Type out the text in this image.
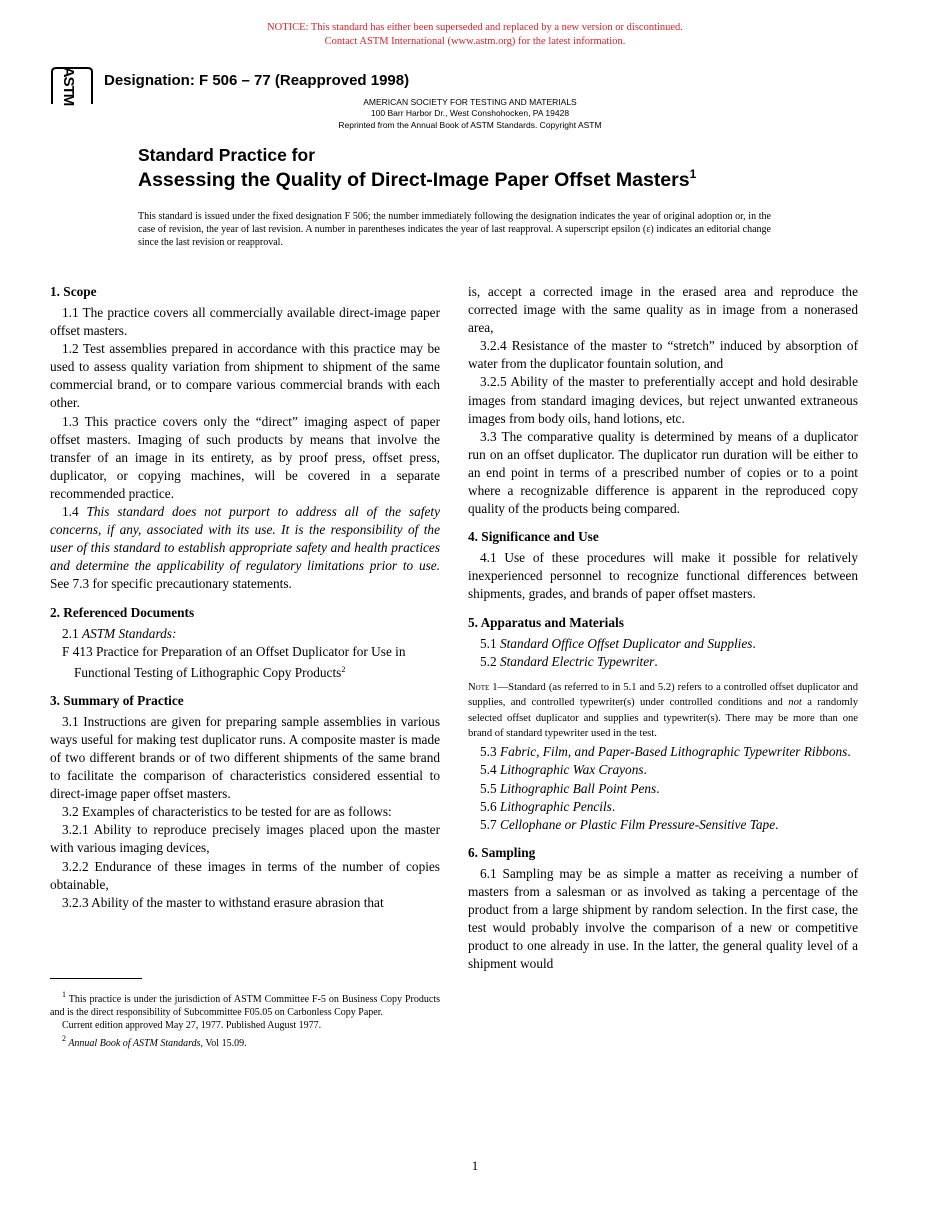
NOTICE: This standard has either been superseded and replaced by a new version or discontinued.
Contact ASTM International (www.astm.org) for the latest information.
ASTM Designation: F 506 – 77 (Reapproved 1998)
AMERICAN SOCIETY FOR TESTING AND MATERIALS
100 Barr Harbor Dr., West Conshohocken, PA 19428
Reprinted from the Annual Book of ASTM Standards. Copyright ASTM
Standard Practice for
Assessing the Quality of Direct-Image Paper Offset Masters$^1$
This standard is issued under the fixed designation F 506; the number immediately following the designation indicates the year of original adoption or, in the case of revision, the year of last revision. A number in parentheses indicates the year of last reapproval. A superscript epsilon (ε) indicates an editorial change since the last revision or reapproval.
1. Scope

1.1 The practice covers all commercially available direct-image paper offset masters.

1.2 Test assemblies prepared in accordance with this practice may be used to assess quality variation from shipment to shipment of the same commercial brand, or to compare various commercial brands with each other.

1.3 This practice covers only the “direct” imaging aspect of paper offset masters. Imaging of such products by means that involve the transfer of an image in its entirety, as by proof press, offset press, duplicator, or copying machines, will be covered in a separate recommended practice.

1.4 This standard does not purport to address all of the safety concerns, if any, associated with its use. It is the responsibility of the user of this standard to establish appropriate safety and health practices and determine the applicability of regulatory limitations prior to use. See 7.3 for specific precautionary statements.

2. Referenced Documents

2.1 ASTM Standards:

F 413 Practice for Preparation of an Offset Duplicator for Use in Functional Testing of Lithographic Copy Products$^2$

3. Summary of Practice

3.1 Instructions are given for preparing sample assemblies in various ways useful for making test duplicator runs. A composite master is made of two different brands or of two different shipments of the same brand to facilitate the comparison of characteristics considered essential to direct-image paper offset masters.

3.2 Examples of characteristics to be tested for are as follows:

3.2.1 Ability to reproduce precisely images placed upon the master with various imaging devices,

3.2.2 Endurance of these images in terms of the number of copies obtainable,

3.2.3 Ability of the master to withstand erasure abrasion that

is, accept a corrected image in the erased area and reproduce the corrected image with the same quality as in image from a nonerased area,

3.2.4 Resistance of the master to “stretch” induced by absorption of water from the duplicator fountain solution, and

3.2.5 Ability of the master to preferentially accept and hold desirable images from standard imaging devices, but reject unwanted extraneous images from body oils, hand lotions, etc.

3.3 The comparative quality is determined by means of a duplicator run on an offset duplicator. The duplicator run duration will be either to an end point in terms of a prescribed number of copies or to a point where a recognizable difference is apparent in the reproduced copy quality of the products being compared.

4. Significance and Use

4.1 Use of these procedures will make it possible for relatively inexperienced personnel to recognize functional differences between shipments, grades, and brands of paper offset masters.

5. Apparatus and Materials

5.1 Standard Office Offset Duplicator and Supplies.

5.2 Standard Electric Typewriter.

Note 1—Standard (as referred to in 5.1 and 5.2) refers to a controlled offset duplicator and supplies, and controlled typewriter(s) under controlled conditions and not a randomly selected offset duplicator and supplies and typewriter(s). There may be more than one brand of standard typewriter used in the test.

5.3 Fabric, Film, and Paper-Based Lithographic Typewriter Ribbons.

5.4 Lithographic Wax Crayons.

5.5 Lithographic Ball Point Pens.

5.6 Lithographic Pencils.

5.7 Cellophane or Plastic Film Pressure-Sensitive Tape.

6. Sampling

6.1 Sampling may be as simple a matter as receiving a number of masters from a salesman or as involved as taking a percentage of the product from a large shipment by random selection. In the first case, the test would probably involve the comparison of a new or competitive product to one already in use. In the latter, the general quality level of a shipment would

$^1$ This practice is under the jurisdiction of ASTM Committee F-5 on Business Copy Products and is the direct responsibility of Subcommittee F05.05 on Carbonless Copy Paper.

Current edition approved May 27, 1977. Published August 1977.

$^2$ Annual Book of ASTM Standards, Vol 15.09.

1
